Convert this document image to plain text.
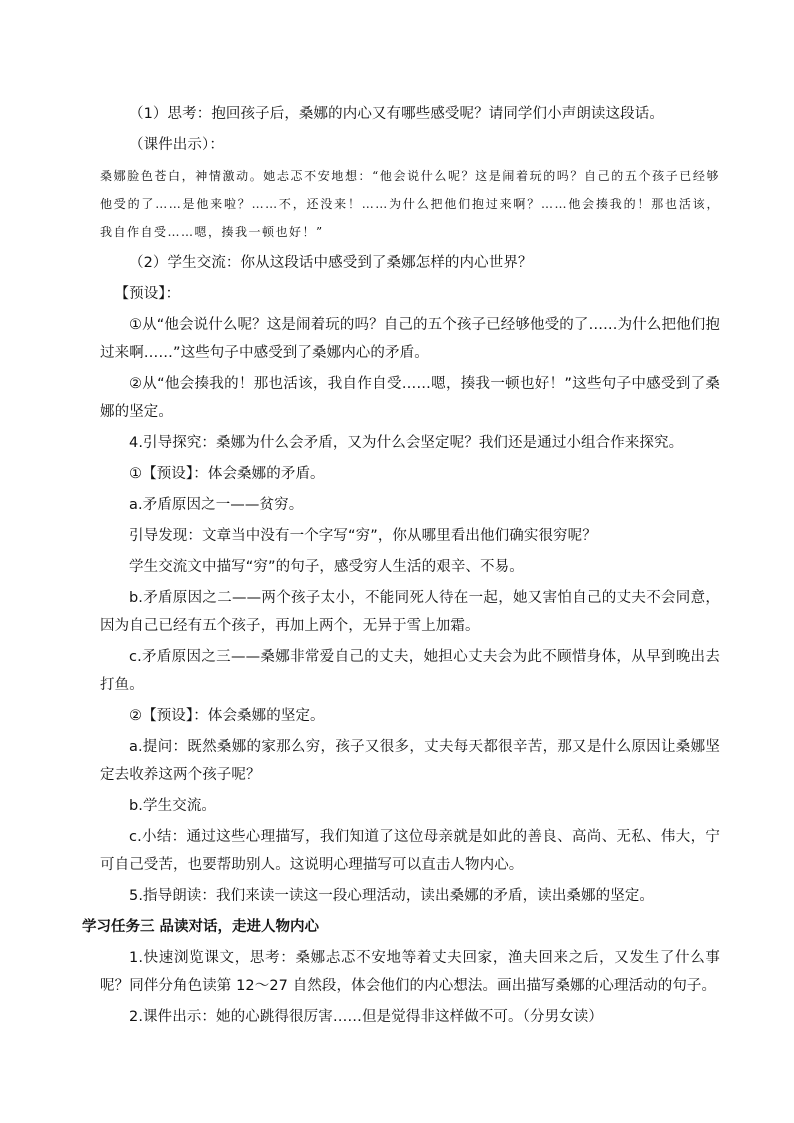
（1）思考：抱回孩子后，桑娜的内心又有哪些感受呢？请同学们小声朗读这段话。

（课件出示）：

桑娜脸色苍白，神情激动。她忐忑不安地想：“他会说什么呢？这是闹着玩的吗？自己的五个孩子已经够他受的了……是他来啦？……不，还没来！……为什么把他们抱过来啊？……他会揍我的！那也活该，我自作自受……嗯，揍我一顿也好！”

（2）学生交流：你从这段话中感受到了桑娜怎样的内心世界？

【预设】：

①从“他会说什么呢？这是闹着玩的吗？自己的五个孩子已经够他受的了……为什么把他们抱过来啊……”这些句子中感受到了桑娜内心的矛盾。

②从“他会揍我的！那也活该，我自作自受……嗯，揍我一顿也好！”这些句子中感受到了桑娜的坚定。

4.引导探究：桑娜为什么会矛盾，又为什么会坚定呢？我们还是通过小组合作来探究。

①【预设】：体会桑娜的矛盾。

a.矛盾原因之一——贫穷。

引导发现：文章当中没有一个字写“穷”，你从哪里看出他们确实很穷呢？

学生交流文中描写“穷”的句子，感受穷人生活的艰辛、不易。

b.矛盾原因之二——两个孩子太小，不能同死人待在一起，她又害怕自己的丈夫不会同意，因为自己已经有五个孩子，再加上两个，无异于雪上加霜。

c.矛盾原因之三——桑娜非常爱自己的丈夫，她担心丈夫会为此不顾惜身体，从早到晚出去打鱼。

②【预设】：体会桑娜的坚定。

a.提问：既然桑娜的家那么穷，孩子又很多，丈夫每天都很辛苦，那又是什么原因让桑娜坚定去收养这两个孩子呢？

b.学生交流。

c.小结：通过这些心理描写，我们知道了这位母亲就是如此的善良、高尚、无私、伟大，宁可自己受苦，也要帮助别人。这说明心理描写可以直击人物内心。

5.指导朗读：我们来读一读这一段心理活动，读出桑娜的矛盾，读出桑娜的坚定。

学习任务三 品读对话，走进人物内心

1.快速浏览课文，思考：桑娜忐忑不安地等着丈夫回家，渔夫回来之后，又发生了什么事呢？同伴分角色读第 12～27 自然段，体会他们的内心想法。画出描写桑娜的心理活动的句子。

2.课件出示：她的心跳得很厉害……但是觉得非这样做不可。（分男女读）
